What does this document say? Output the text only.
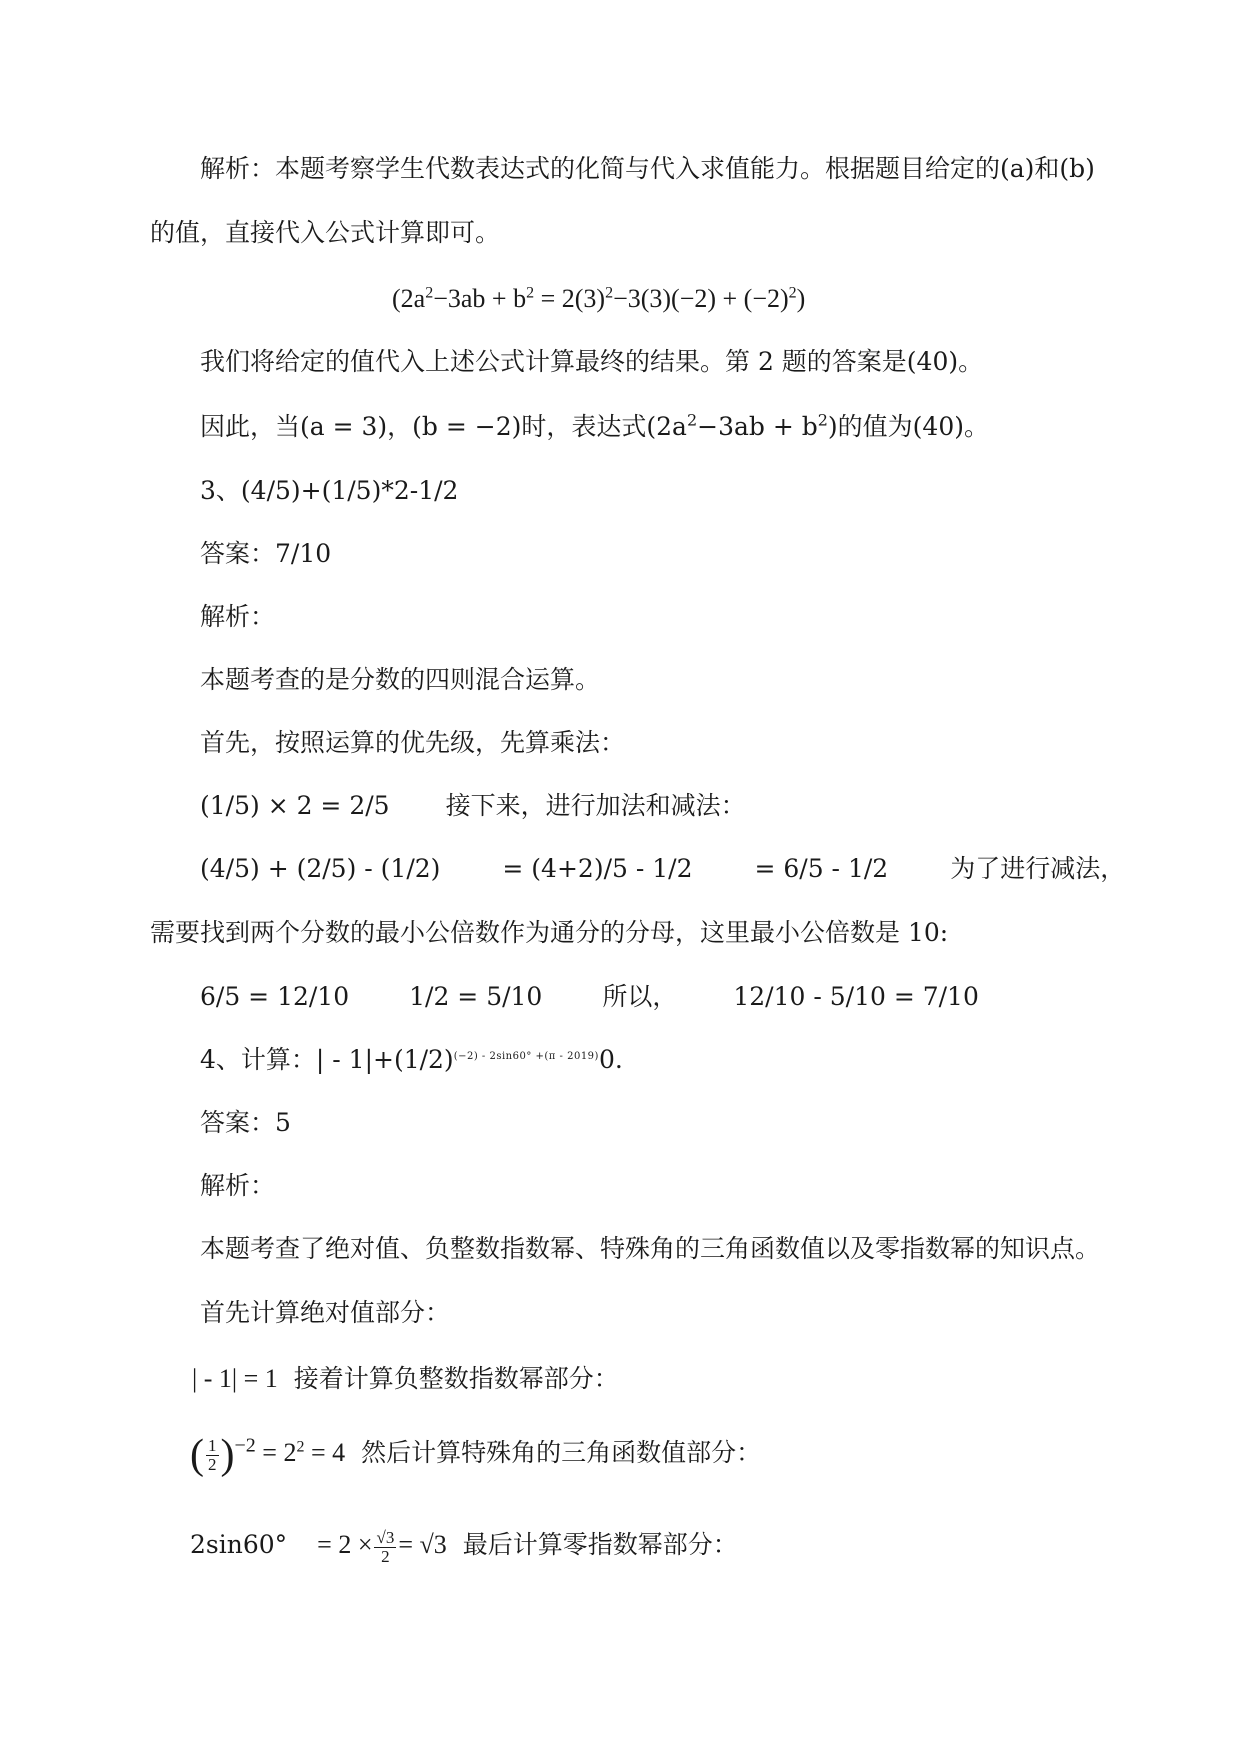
解析：本题考察学生代数表达式的化简与代入求值能力。根据题目给定的(a)和(b)
的值，直接代入公式计算即可。
$(2a^2-3ab + b^2 = 2(3)^2-3(3)(-2) + (-2)^2)$
我们将给定的值代入上述公式计算最终的结果。第 2 题的答案是(40)。
因此，当(a = 3)，(b = −2)时，表达式$(2a^2-3ab + b^2)$的值为(40)。
3、(4/5)+(1/5)*2-1/2
答案：7/10
解析：
本题考查的是分数的四则混合运算。
首先，按照运算的优先级，先算乘法：
(1/5) × 2 = 2/5 接下来，进行加法和减法：
(4/5) + (2/5) - (1/2) = (4+2)/5 - 1/2 = 6/5 - 1/2 为了进行减法，
需要找到两个分数的最小公倍数作为通分的分母，这里最小公倍数是 10:
6/5 = 12/10 1/2 = 5/10 所以， 12/10 - 5/10 = 7/10
4、计算：| - $1|+(1/2)^{(-2) - 2sin60^\circ +(\pi - 2019)}0$.
答案：5
解析：
本题考查了绝对值、负整数指数幂、特殊角的三角函数值以及零指数幂的知识点。
首先计算绝对值部分：
| - 1| = 1 接着计算负整数指数幂部分：
( $\frac{1}{2} )^{-2} = 2^2 = 4$ 然后计算特殊角的三角函数值部分：
$2\sin 60^\circ = 2 \times \frac{√3}{2} = √3$ 最后计算零指数幂部分：
